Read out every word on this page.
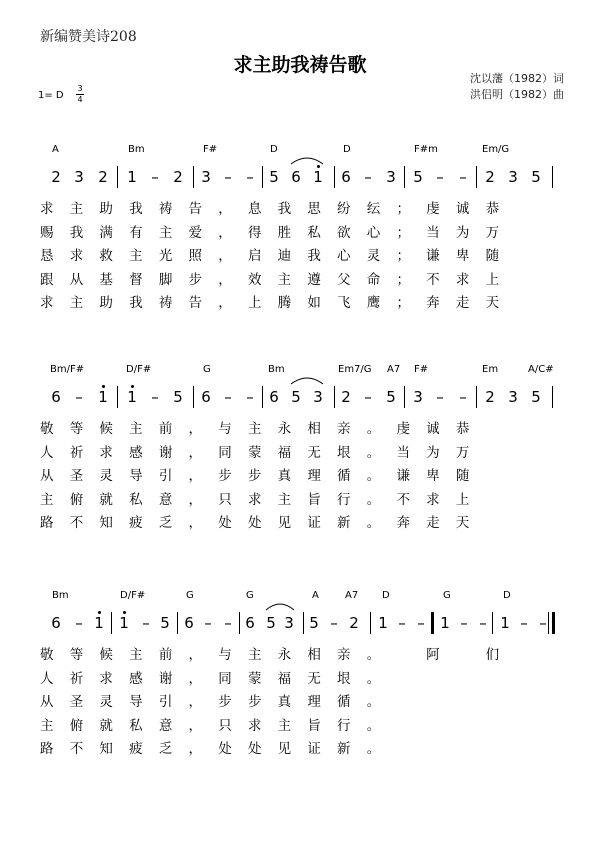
新编赞美诗208
求主助我祷告歌
沈以藩（1982）词
洪侣明（1982）曲
1= D
3
4
A	Bm	F#	D	D	F#m	Em/G
2 3 2 1 – 2 3 – – 5 6 1 6 – 3 5 – – 2 3 5
求 主 助 我 祷 告 ， 息 我 思 纷 纭 ； 虔 诚 恭
赐 我 满 有 主 爱 ， 得 胜 私 欲 心 ； 当 为 万
恳 求 救 主 光 照 ， 启 迪 我 心 灵 ； 谦 卑 随
跟 从 基 督 脚 步 ， 效 主 遵 父 命 ； 不 求 上
求 主 助 我 祷 告 ， 上 腾 如 飞 鹰 ； 奔 走 天
Bm/F#	D/F#	G	Bm	Em7/G A7 F#	Em	A/C#
6 – 1 1 – 5 6 – – 6 5 3 2 – 5 3 – – 2 3 5
敬 等 候 主 前 ， 与 主 永 相 亲 。 虔 诚 恭
人 祈 求 感 谢 ， 同 蒙 福 无 垠 。 当 为 万
从 圣 灵 导 引 ， 步 步 真 理 循 。 谦 卑 随
主 俯 就 私 意 ， 只 求 主 旨 行 。 不 求 上
路 不 知 疲 乏 ， 处 处 见 证 新 。 奔 走 天
Bm	D/F#	G	G	A	A7 D	G	D
6 – 1 1 – 5 6 – – 6 5 3 5 – 2 1 – – 1 – – 1 – –
敬 等 候 主 前 ， 与 主 永 相 亲 。
　	阿
　	们
人 祈 求 感 谢 ， 同 蒙 福 无 垠 。
从 圣 灵 导 引 ， 步 步 真 理 循 。
主 俯 就 私 意 ， 只 求 主 旨 行 。
路 不 知 疲 乏 ， 处 处 见 证 新 。
